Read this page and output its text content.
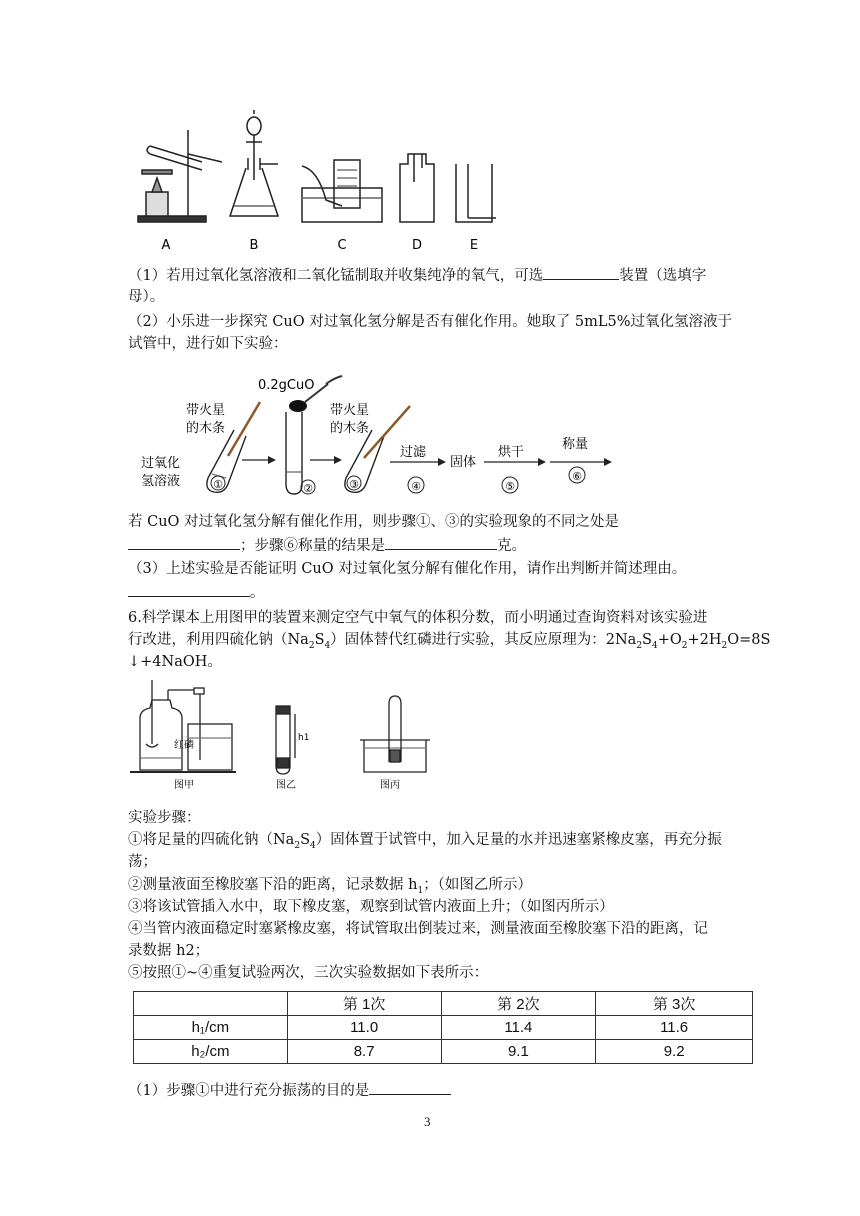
A	B	C	D	E
（1）若用过氧化氢溶液和二氧化锰制取并收集纯净的氧气，可选	装置（选填字
母）。
（2）小乐进一步探究 CuO 对过氧化氢分解是否有催化作用。她取了 5mL5%过氧化氢溶液于
试管中，进行如下实验：
0.2gCuO
带火星
的木条
过氧化
氢溶液	①	②
带火星
的木条
③
过滤
④
固体
烘干
⑤
称量
⑥
若 CuO 对过氧化氢分解有催化作用，则步骤①、③的实验现象的不同之处是
；步骤⑥称量的结果是	克。
（3）上述实验是否能证明 CuO 对过氧化氢分解有催化作用，请作出判断并简述理由。
。
6.科学课本上用图甲的装置来测定空气中氧气的体积分数，而小明通过查询资料对该实验进
行改进，利用四硫化钠$(Na_2S_4)$固体替代红磷进行实验，其反应原理为：$2Na_2S_4+O_2+2H_2O=8S$
↓+4NaOH。
红磷
图甲
h1
图乙	图丙
实验步骤：
①将足量的四硫化钠$(Na_2S_4)$固体置于试管中，加入足量的水并迅速塞紧橡皮塞，再充分振
荡；
②测量液面至橡胶塞下沿的距离，记录数据 $h_1$；（如图乙所示）
③将该试管插入水中，取下橡皮塞，观察到试管内液面上升；（如图丙所示）
④当管内液面稳定时塞紧橡皮塞，将试管取出倒装过来，测量液面至橡胶塞下沿的距离，记
录数据 h2；
⑤按照①~④重复试验两次，三次实验数据如下表所示：
	第 1次	第 2次	第 3次
h₁/cm	11.0	11.4	11.6
h₂/cm	8.7	9.1	9.2
（1）步骤①中进行充分振荡的目的是
3
